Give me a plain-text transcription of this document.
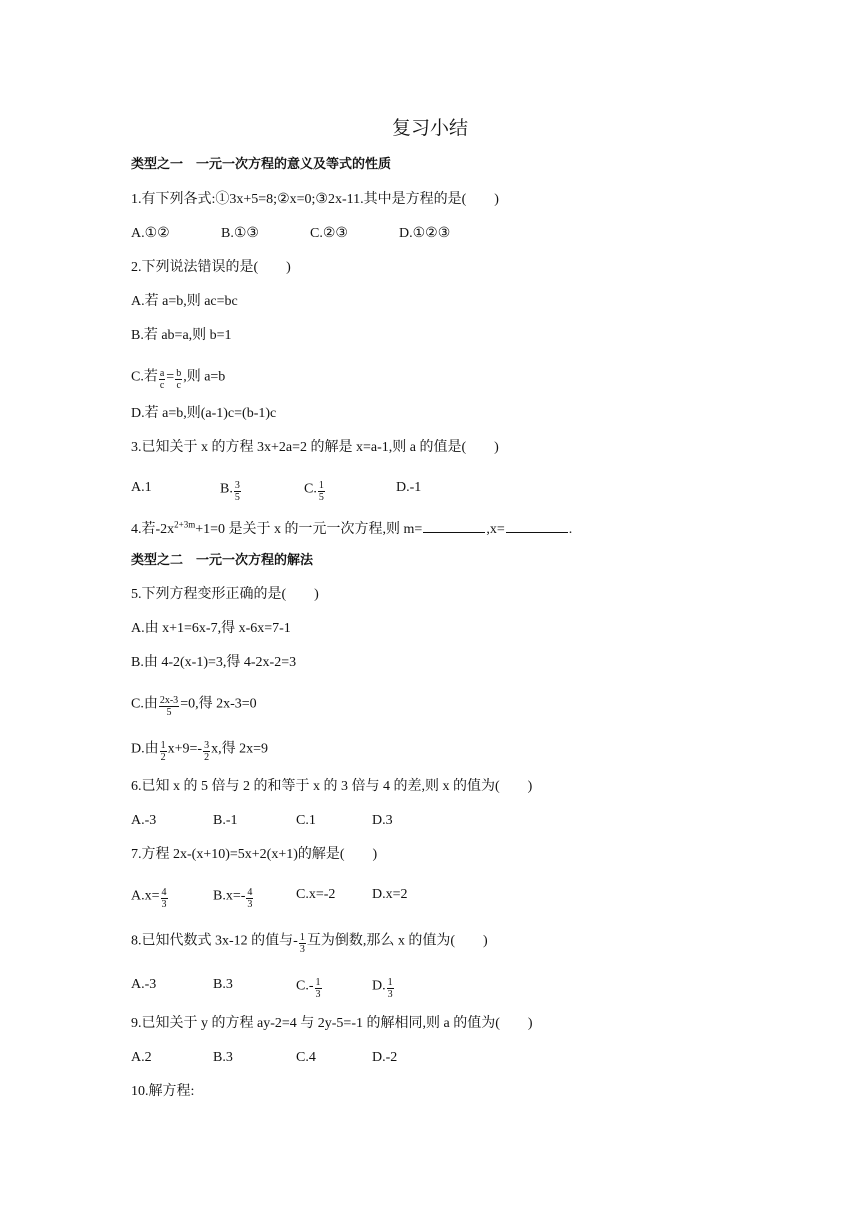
复习小结
类型之一　一元一次方程的意义及等式的性质
1.有下列各式:①3x+5=8;②x=0;③2x-11.其中是方程的是(　　)
A.①②	B.①③	C.②③	D.①②③
2.下列说法错误的是(　　)
A.若 a=b,则 ac=bc
B.若 ab=a,则 b=1
C.若 $\frac{a}{c} = \frac{b}{c}$ ,则 a=b
D.若 a=b,则(a-1)c=(b-1)c
3.已知关于 x 的方程 3x+2a=2 的解是 x=a-1,则 a 的值是(　　)
A.1	B. $\frac{3}{5}$	C. $\frac{1}{5}$	D.-1
4.若$-2x^{2+3m}+1=0$ 是关于 x 的一元一次方程,则 m=	,x=	.
类型之二　一元一次方程的解法
5.下列方程变形正确的是(　　)
A.由 x+1=6x-7,得 x-6x=7-1
B.由 4-2(x-1)=3,得 4-2x-2=3
C.由 $\frac{2x-3}{5} =0$,得 2x-3=0
D.由 $\frac{1}{2} x+9=- \frac{3}{2} x$,得 2x=9
6.已知 x 的 5 倍与 2 的和等于 x 的 3 倍与 4 的差,则 x 的值为(　　)
A.-3	B.-1	C.1	D.3
7.方程 2x-(x+10)=5x+2(x+1)的解是(　　)
$A.x= \frac{4}{3}$	$B.x=- \frac{4}{3}$	C.x=-2	D.x=2
8.已知代数式 3x-12 的值与- $\frac{1}{3}$ 互为倒数,那么 x 的值为(　　)
A.-3	B.3	$C.- \frac{1}{3}$	D. $\frac{1}{3}$
9.已知关于 y 的方程 ay-2=4 与 2y-5=-1 的解相同,则 a 的值为(　　)
A.2	B.3	C.4	D.-2
10.解方程:
